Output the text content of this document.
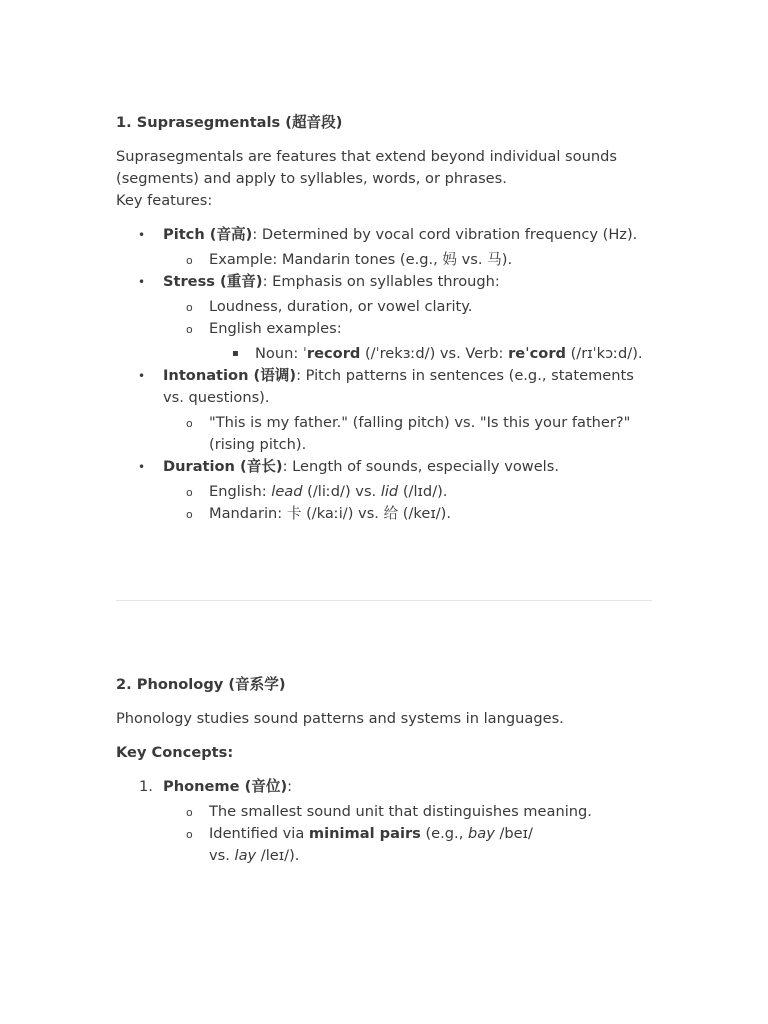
1. Suprasegmentals (超音段)

Suprasegmentals are features that extend beyond individual sounds (segments) and apply to syllables, words, or phrases.

Key features:

•	Pitch (音高): Determined by vocal cord vibration frequency (Hz).
o Example: Mandarin tones (e.g., 妈 vs. 马).
•	Stress (重音): Emphasis on syllables through:
o Loudness, duration, or vowel clarity.
o English examples:
▪ Noun: ˈrecord (/ˈrekɜːd/) vs. Verb: reˈcord (/rɪˈkɔːd/).
•	Intonation (语调): Pitch patterns in sentences (e.g., statements vs. questions).
o "This is my father." (falling pitch) vs. "Is this your father?" (rising pitch).
•	Duration (音长): Length of sounds, especially vowels.
o English: lead (/liːd/) vs. lid (/lɪd/).
o Mandarin: 卡 (/kaːi/) vs. 给 (/keɪ/).
2. Phonology (音系学)

Phonology studies sound patterns and systems in languages.

Key Concepts:

1. Phoneme (音位):
o The smallest sound unit that distinguishes meaning.
o Identified via minimal pairs (e.g., bay /beɪ/ vs. lay /leɪ/).
